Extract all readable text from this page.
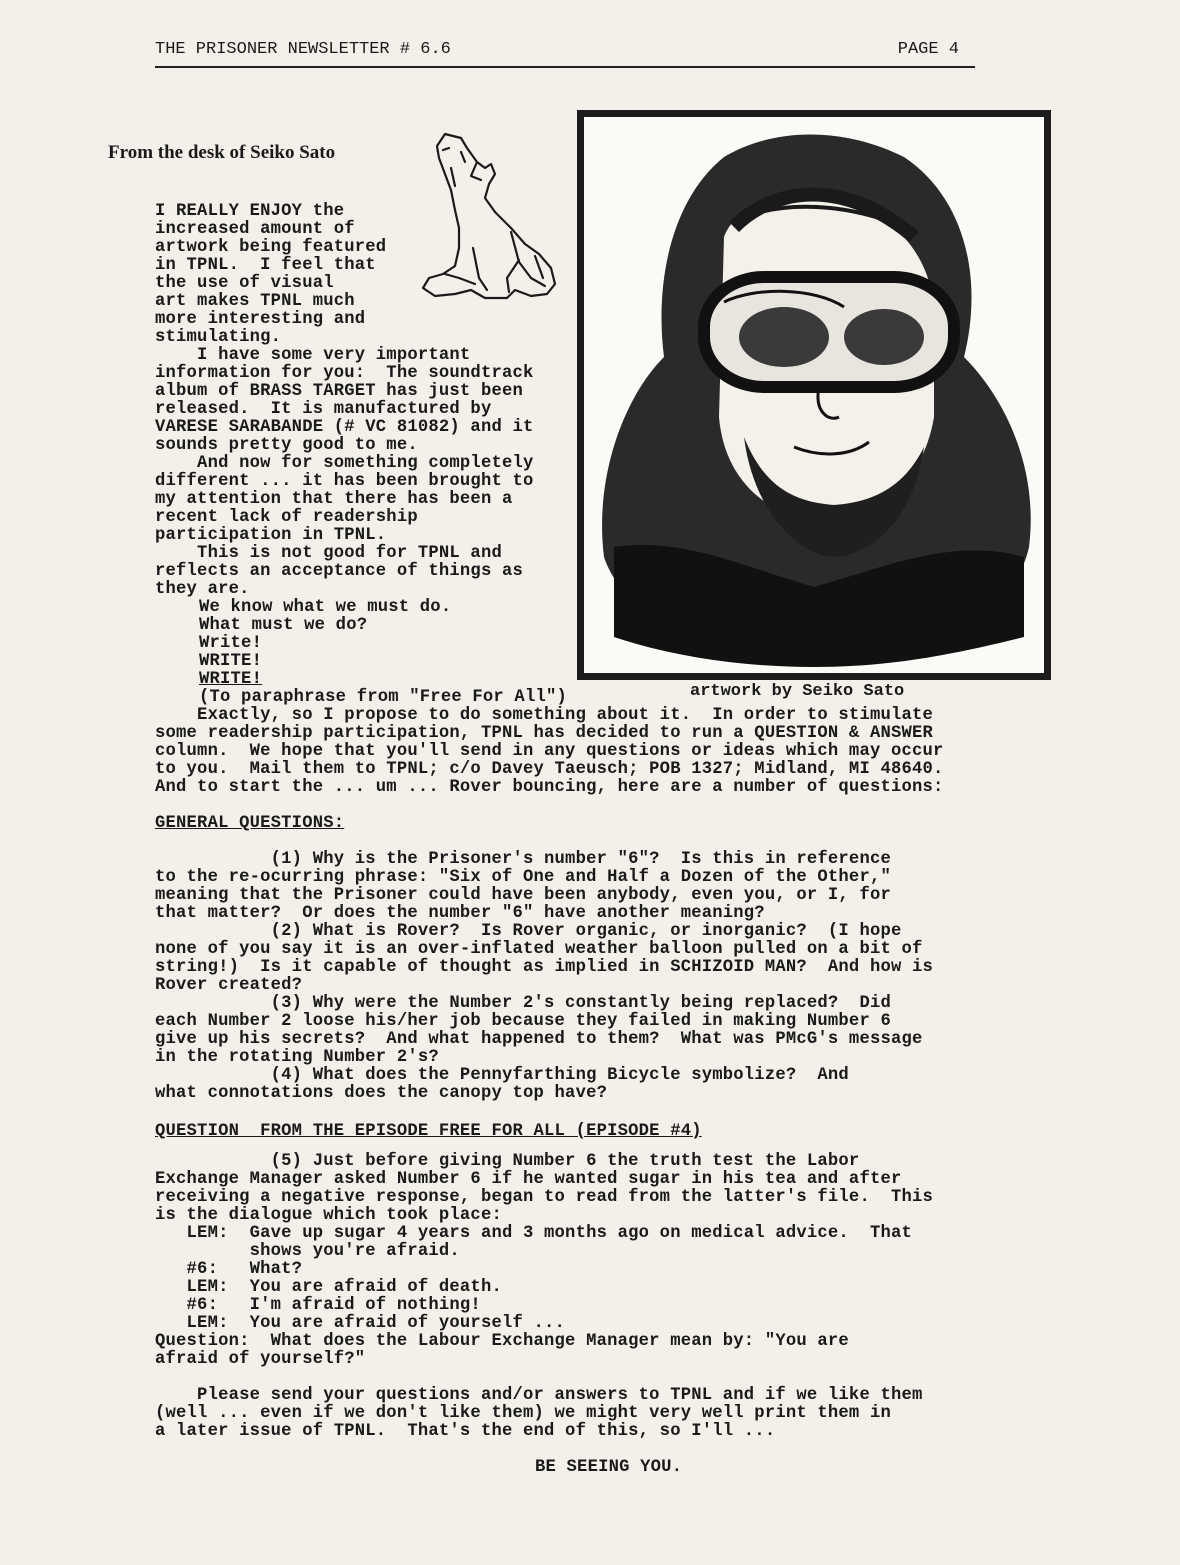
THE PRISONER NEWSLETTER # 6.6	PAGE 4
From the desk of Seiko Sato
artwork by Seiko Sato
I REALLY ENJOY the
increased amount of
artwork being featured
in TPNL.  I feel that
the use of visual
art makes TPNL much
more interesting and
stimulating.
I have some very important
information for you:  The soundtrack
album of BRASS TARGET has just been
released.  It is manufactured by
VARESE SARABANDE (# VC 81082) and it
sounds pretty good to me.
And now for something completely
different ... it has been brought to
my attention that there has been a
recent lack of readership
participation in TPNL.
This is not good for TPNL and
reflects an acceptance of things as
they are.
We know what we must do.
What must we do?
Write!
WRITE!
WRITE!
(To paraphrase from "Free For All")
Exactly, so I propose to do something about it.  In order to stimulate
some readership participation, TPNL has decided to run a QUESTION & ANSWER
column.  We hope that you'll send in any questions or ideas which may occur
to you.  Mail them to TPNL; c/o Davey Taeusch; POB 1327; Midland, MI 48640.
And to start the ... um ... Rover bouncing, here are a number of questions:
GENERAL QUESTIONS:
(1) Why is the Prisoner's number "6"?  Is this in reference
to the re-ocurring phrase: "Six of One and Half a Dozen of the Other,"
meaning that the Prisoner could have been anybody, even you, or I, for
that matter?  Or does the number "6" have another meaning?
(2) What is Rover?  Is Rover organic, or inorganic?  (I hope
none of you say it is an over-inflated weather balloon pulled on a bit of
string!)  Is it capable of thought as implied in SCHIZOID MAN?  And how is
Rover created?
(3) Why were the Number 2's constantly being replaced?  Did
each Number 2 loose his/her job because they failed in making Number 6
give up his secrets?  And what happened to them?  What was PMcG's message
in the rotating Number 2's?
(4) What does the Pennyfarthing Bicycle symbolize?  And
what connotations does the canopy top have?
QUESTION  FROM THE EPISODE FREE FOR ALL (EPISODE #4)
(5) Just before giving Number 6 the truth test the Labor
Exchange Manager asked Number 6 if he wanted sugar in his tea and after
receiving a negative response, began to read from the latter's file.  This
is the dialogue which took place:
LEM:  Gave up sugar 4 years and 3 months ago on medical advice.  That
shows you're afraid.
#6:   What?
LEM:  You are afraid of death.
#6:   I'm afraid of nothing!
LEM:  You are afraid of yourself ...
Question:  What does the Labour Exchange Manager mean by: "You are
afraid of yourself?"
Please send your questions and/or answers to TPNL and if we like them
(well ... even if we don't like them) we might very well print them in
a later issue of TPNL.  That's the end of this, so I'll ...
BE SEEING YOU.
